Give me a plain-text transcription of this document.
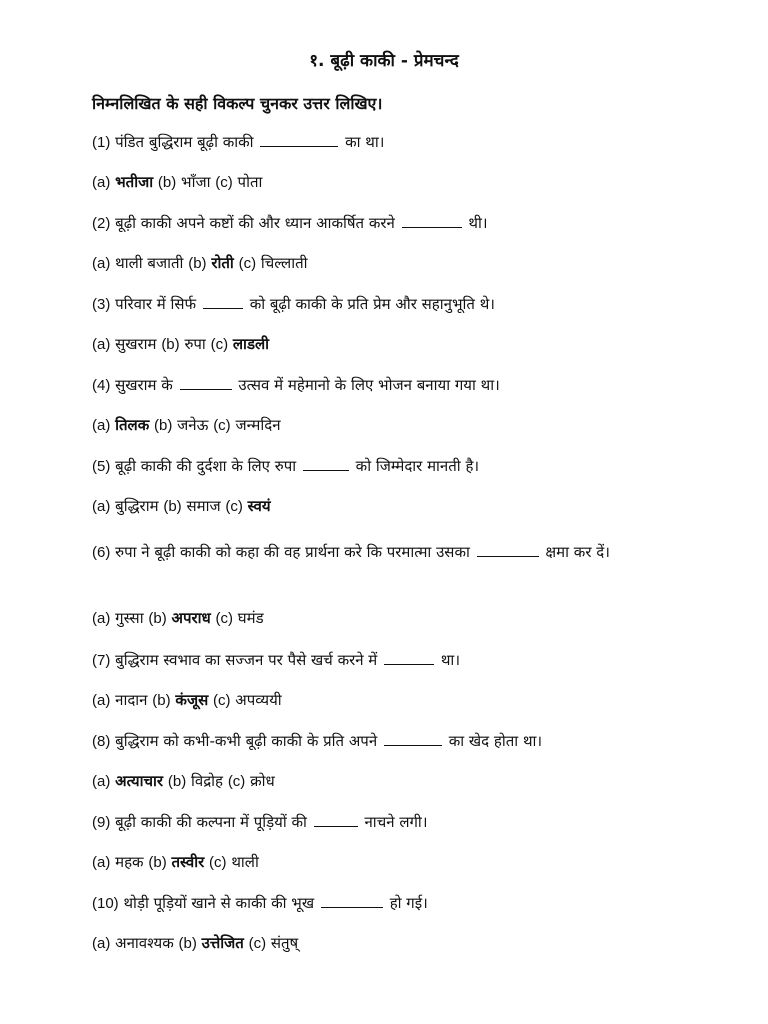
१. बूढ़ी काकी - प्रेमचन्द
निम्नलिखित के सही विकल्प चुनकर उत्तर लिखिए।
(1) पंडित बुद्धिराम बूढ़ी काकी	का था।
(a) भतीजा (b) भाँजा (c) पोता
(2) बूढ़ी काकी अपने कष्टों की और ध्यान आकर्षित करने	थी।
(a) थाली बजाती (b) रोती (c) चिल्लाती
(3) परिवार में सिर्फ	को बूढ़ी काकी के प्रति प्रेम और सहानुभूति थे।
(a) सुखराम (b) रुपा (c) लाडली
(4) सुखराम के	उत्सव में महेमानो के लिए भोजन बनाया गया था।
(a) तिलक (b) जनेऊ (c) जन्मदिन
(5) बूढ़ी काकी की दुर्दशा के लिए रुपा	को जिम्मेदार मानती है।
(a) बुद्धिराम (b) समाज (c) स्वयं
(6) रुपा ने बूढ़ी काकी को कहा की वह प्रार्थना करे कि परमात्मा उसका	क्षमा कर दें।
(a) गुस्सा (b) अपराध (c) घमंड
(7) बुद्धिराम स्वभाव का सज्जन पर पैसे खर्च करने में	था।
(a) नादान (b) कंजूस (c) अपव्ययी
(8) बुद्धिराम को कभी-कभी बूढ़ी काकी के प्रति अपने	का खेद होता था।
(a) अत्याचार (b) विद्रोह (c) क्रोध
(9) बूढ़ी काकी की कल्पना में पूड़ियों की	नाचने लगी।
(a) महक (b) तस्वीर (c) थाली
(10) थोड़ी पूड़ियों खाने से काकी की भूख	हो गई।
(a) अनावश्यक (b) उत्तेजित (c) संतुष्
